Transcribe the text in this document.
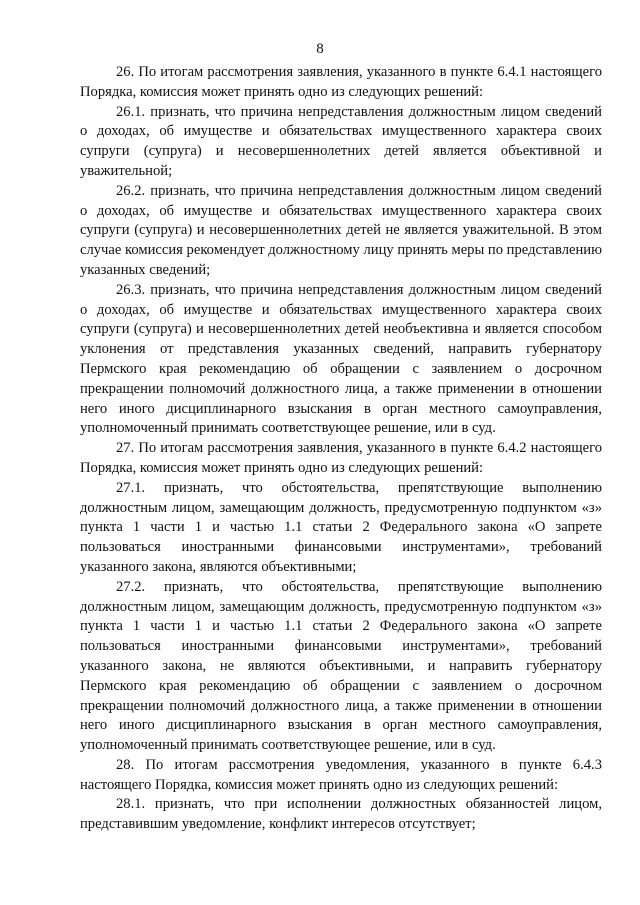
8

26. По итогам рассмотрения заявления, указанного в пункте 6.4.1 настоящего Порядка, комиссия может принять одно из следующих решений:

26.1. признать, что причина непредставления должностным лицом сведений о доходах, об имуществе и обязательствах имущественного характера своих супруги (супруга) и несовершеннолетних детей является объективной и уважительной;

26.2. признать, что причина непредставления должностным лицом сведений о доходах, об имуществе и обязательствах имущественного характера своих супруги (супруга) и несовершеннолетних детей не является уважительной. В этом случае комиссия рекомендует должностному лицу принять меры по представлению указанных сведений;

26.3. признать, что причина непредставления должностным лицом сведений о доходах, об имуществе и обязательствах имущественного характера своих супруги (супруга) и несовершеннолетних детей необъективна и является способом уклонения от представления указанных сведений, направить губернатору Пермского края рекомендацию об обращении с заявлением о досрочном прекращении полномочий должностного лица, а также применении в отношении него иного дисциплинарного взыскания в орган местного самоуправления, уполномоченный принимать соответствующее решение, или в суд.

27. По итогам рассмотрения заявления, указанного в пункте 6.4.2 настоящего Порядка, комиссия может принять одно из следующих решений:

27.1. признать, что обстоятельства, препятствующие выполнению должностным лицом, замещающим должность, предусмотренную подпунктом «з» пункта 1 части 1 и частью 1.1 статьи 2 Федерального закона «О запрете пользоваться иностранными финансовыми инструментами», требований указанного закона, являются объективными;

27.2. признать, что обстоятельства, препятствующие выполнению должностным лицом, замещающим должность, предусмотренную подпунктом «з» пункта 1 части 1 и частью 1.1 статьи 2 Федерального закона «О запрете пользоваться иностранными финансовыми инструментами», требований указанного закона, не являются объективными, и направить губернатору Пермского края рекомендацию об обращении с заявлением о досрочном прекращении полномочий должностного лица, а также применении в отношении него иного дисциплинарного взыскания в орган местного самоуправления, уполномоченный принимать соответствующее решение, или в суд.

28. По итогам рассмотрения уведомления, указанного в пункте 6.4.3 настоящего Порядка, комиссия может принять одно из следующих решений:

28.1. признать, что при исполнении должностных обязанностей лицом, представившим уведомление, конфликт интересов отсутствует;
